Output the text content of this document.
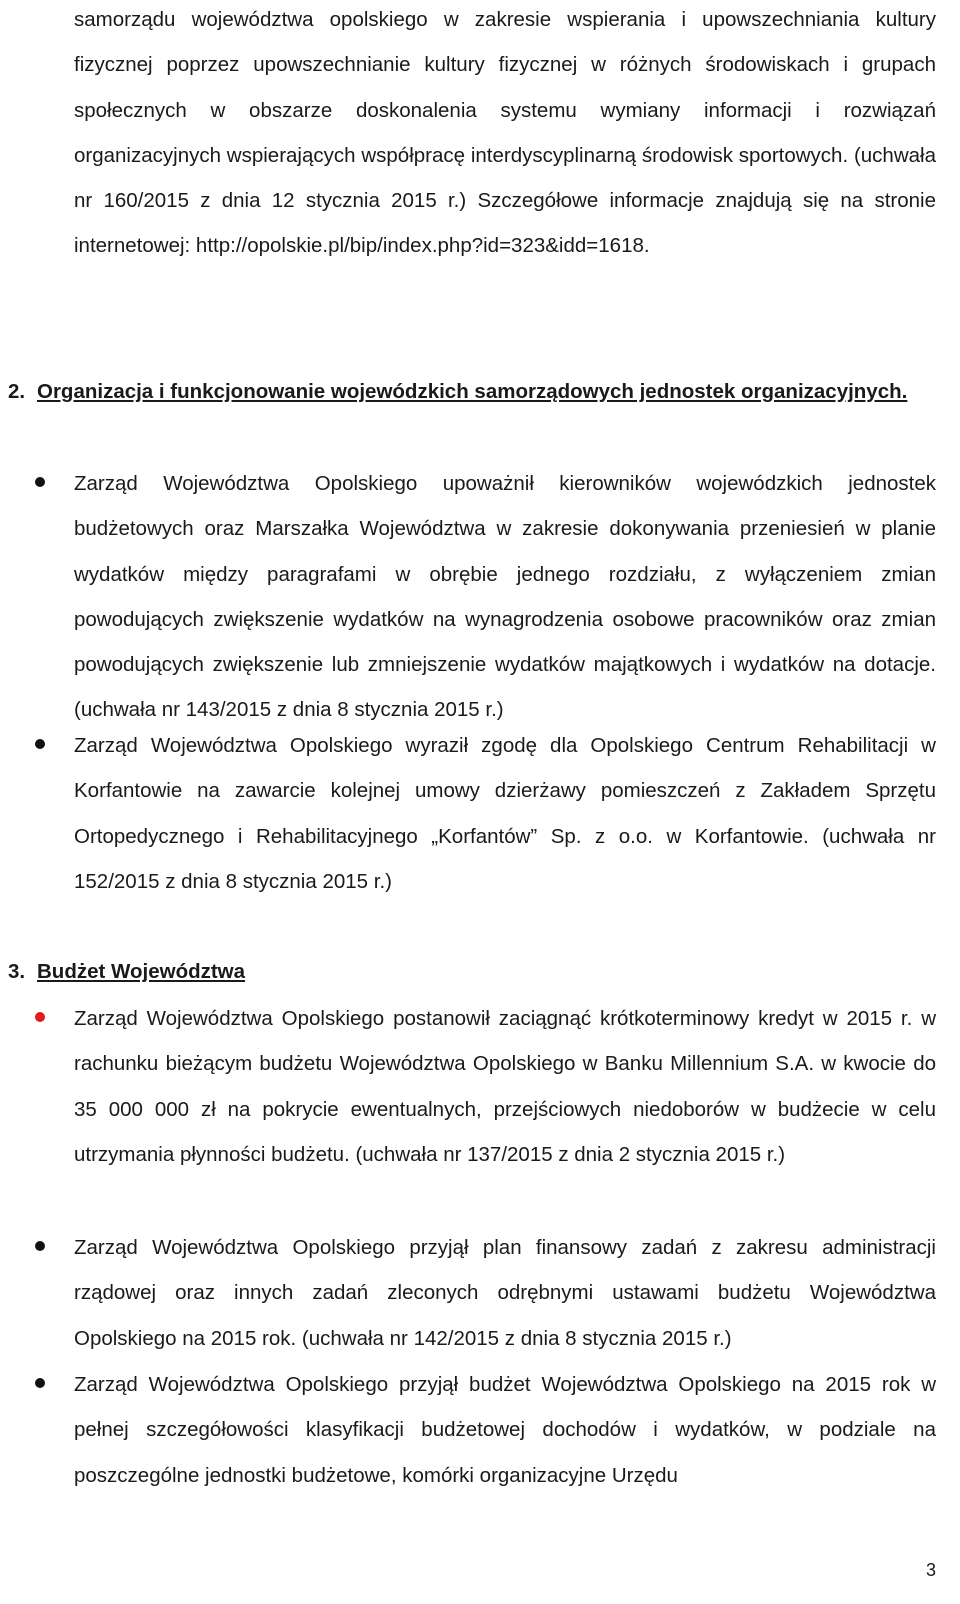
samorządu województwa opolskiego w zakresie wspierania i upowszechniania kultury fizycznej poprzez upowszechnianie kultury fizycznej w różnych środowiskach i grupach społecznych w obszarze doskonalenia systemu wymiany informacji i rozwiązań organizacyjnych wspierających współpracę interdyscyplinarną środowisk sportowych. (uchwała nr 160/2015 z dnia 12 stycznia 2015 r.) Szczegółowe informacje znajdują się na stronie internetowej: http://opolskie.pl/bip/index.php?id=323&idd=1618.

2. Organizacja i funkcjonowanie wojewódzkich samorządowych jednostek organizacyjnych.

Zarząd Województwa Opolskiego upoważnił kierowników wojewódzkich jednostek budżetowych oraz Marszałka Województwa w zakresie dokonywania przeniesień w planie wydatków między paragrafami w obrębie jednego rozdziału, z wyłączeniem zmian powodujących zwiększenie wydatków na wynagrodzenia osobowe pracowników oraz zmian powodujących zwiększenie lub zmniejszenie wydatków majątkowych i wydatków na dotacje. (uchwała nr 143/2015 z dnia 8 stycznia 2015 r.)

Zarząd Województwa Opolskiego wyraził zgodę dla Opolskiego Centrum Rehabilitacji w Korfantowie na zawarcie kolejnej umowy dzierżawy pomieszczeń z Zakładem Sprzętu Ortopedycznego i Rehabilitacyjnego „Korfantów” Sp. z o.o. w Korfantowie. (uchwała nr 152/2015 z dnia 8 stycznia 2015 r.)

3. Budżet Województwa

Zarząd Województwa Opolskiego postanowił zaciągnąć krótkoterminowy kredyt w 2015 r. w rachunku bieżącym budżetu Województwa Opolskiego w Banku Millennium S.A. w kwocie do 35 000 000 zł na pokrycie ewentualnych, przejściowych niedoborów w budżecie w celu utrzymania płynności budżetu. (uchwała nr 137/2015 z dnia 2 stycznia 2015 r.)

Zarząd Województwa Opolskiego przyjął plan finansowy zadań z zakresu administracji rządowej oraz innych zadań zleconych odrębnymi ustawami budżetu Województwa Opolskiego na 2015 rok. (uchwała nr 142/2015 z dnia 8 stycznia 2015 r.)

Zarząd Województwa Opolskiego przyjął budżet Województwa Opolskiego na 2015 rok w pełnej szczegółowości klasyfikacji budżetowej dochodów i wydatków, w podziale na poszczególne jednostki budżetowe, komórki organizacyjne Urzędu

3
